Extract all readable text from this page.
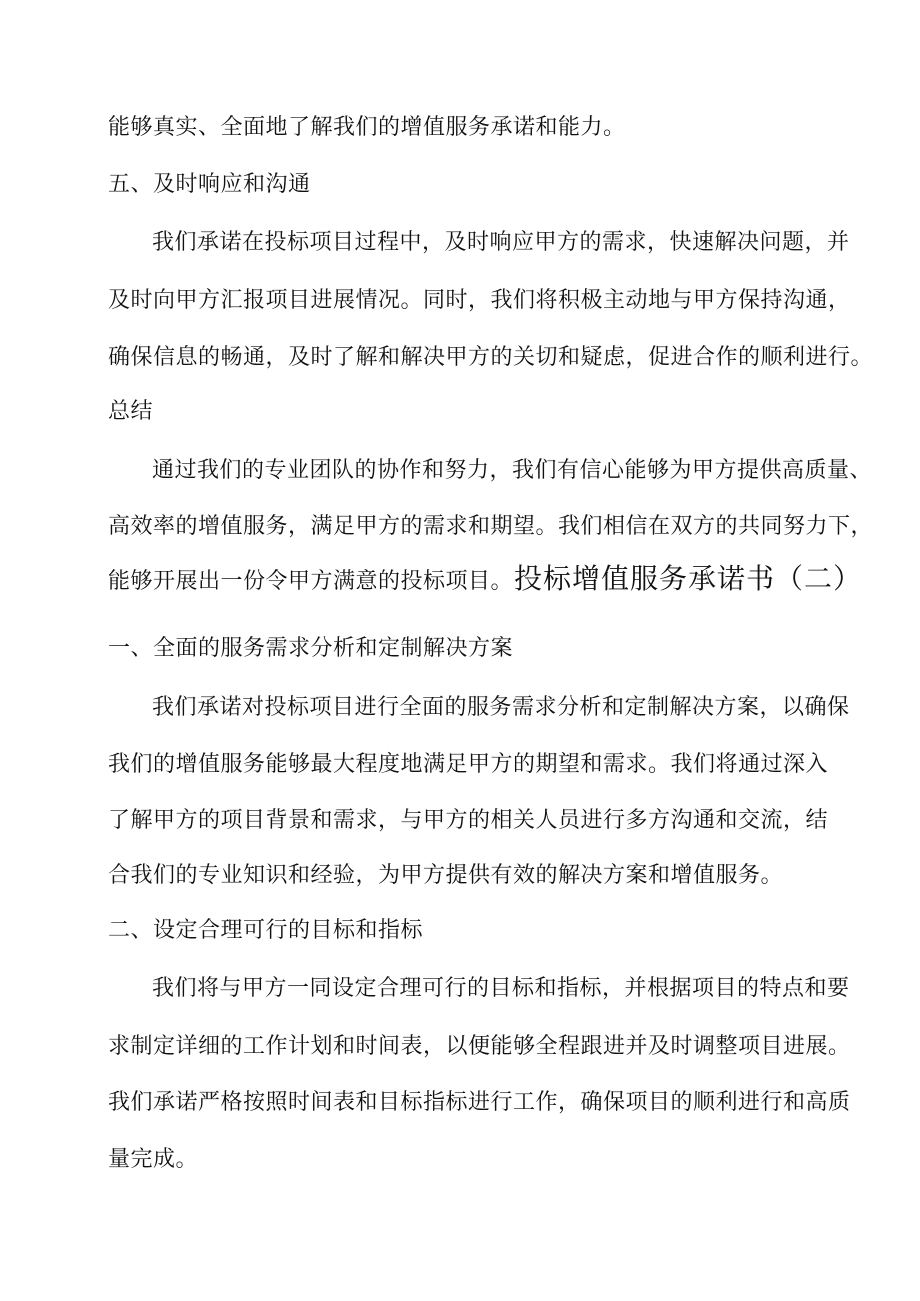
能够真实、全面地了解我们的增值服务承诺和能力。
五、及时响应和沟通
我们承诺在投标项目过程中，及时响应甲方的需求，快速解决问题，并
及时向甲方汇报项目进展情况。同时，我们将积极主动地与甲方保持沟通，
确保信息的畅通，及时了解和解决甲方的关切和疑虑，促进合作的顺利进行。
总结
通过我们的专业团队的协作和努力，我们有信心能够为甲方提供高质量、
高效率的增值服务，满足甲方的需求和期望。我们相信在双方的共同努力下，
能够开展出一份令甲方满意的投标项目。 投标增值服务承诺书（二）
一、全面的服务需求分析和定制解决方案
我们承诺对投标项目进行全面的服务需求分析和定制解决方案，以确保
我们的增值服务能够最大程度地满足甲方的期望和需求。我们将通过深入
了解甲方的项目背景和需求，与甲方的相关人员进行多方沟通和交流，结
合我们的专业知识和经验，为甲方提供有效的解决方案和增值服务。
二、设定合理可行的目标和指标
我们将与甲方一同设定合理可行的目标和指标，并根据项目的特点和要
求制定详细的工作计划和时间表，以便能够全程跟进并及时调整项目进展。
我们承诺严格按照时间表和目标指标进行工作，确保项目的顺利进行和高质
量完成。
